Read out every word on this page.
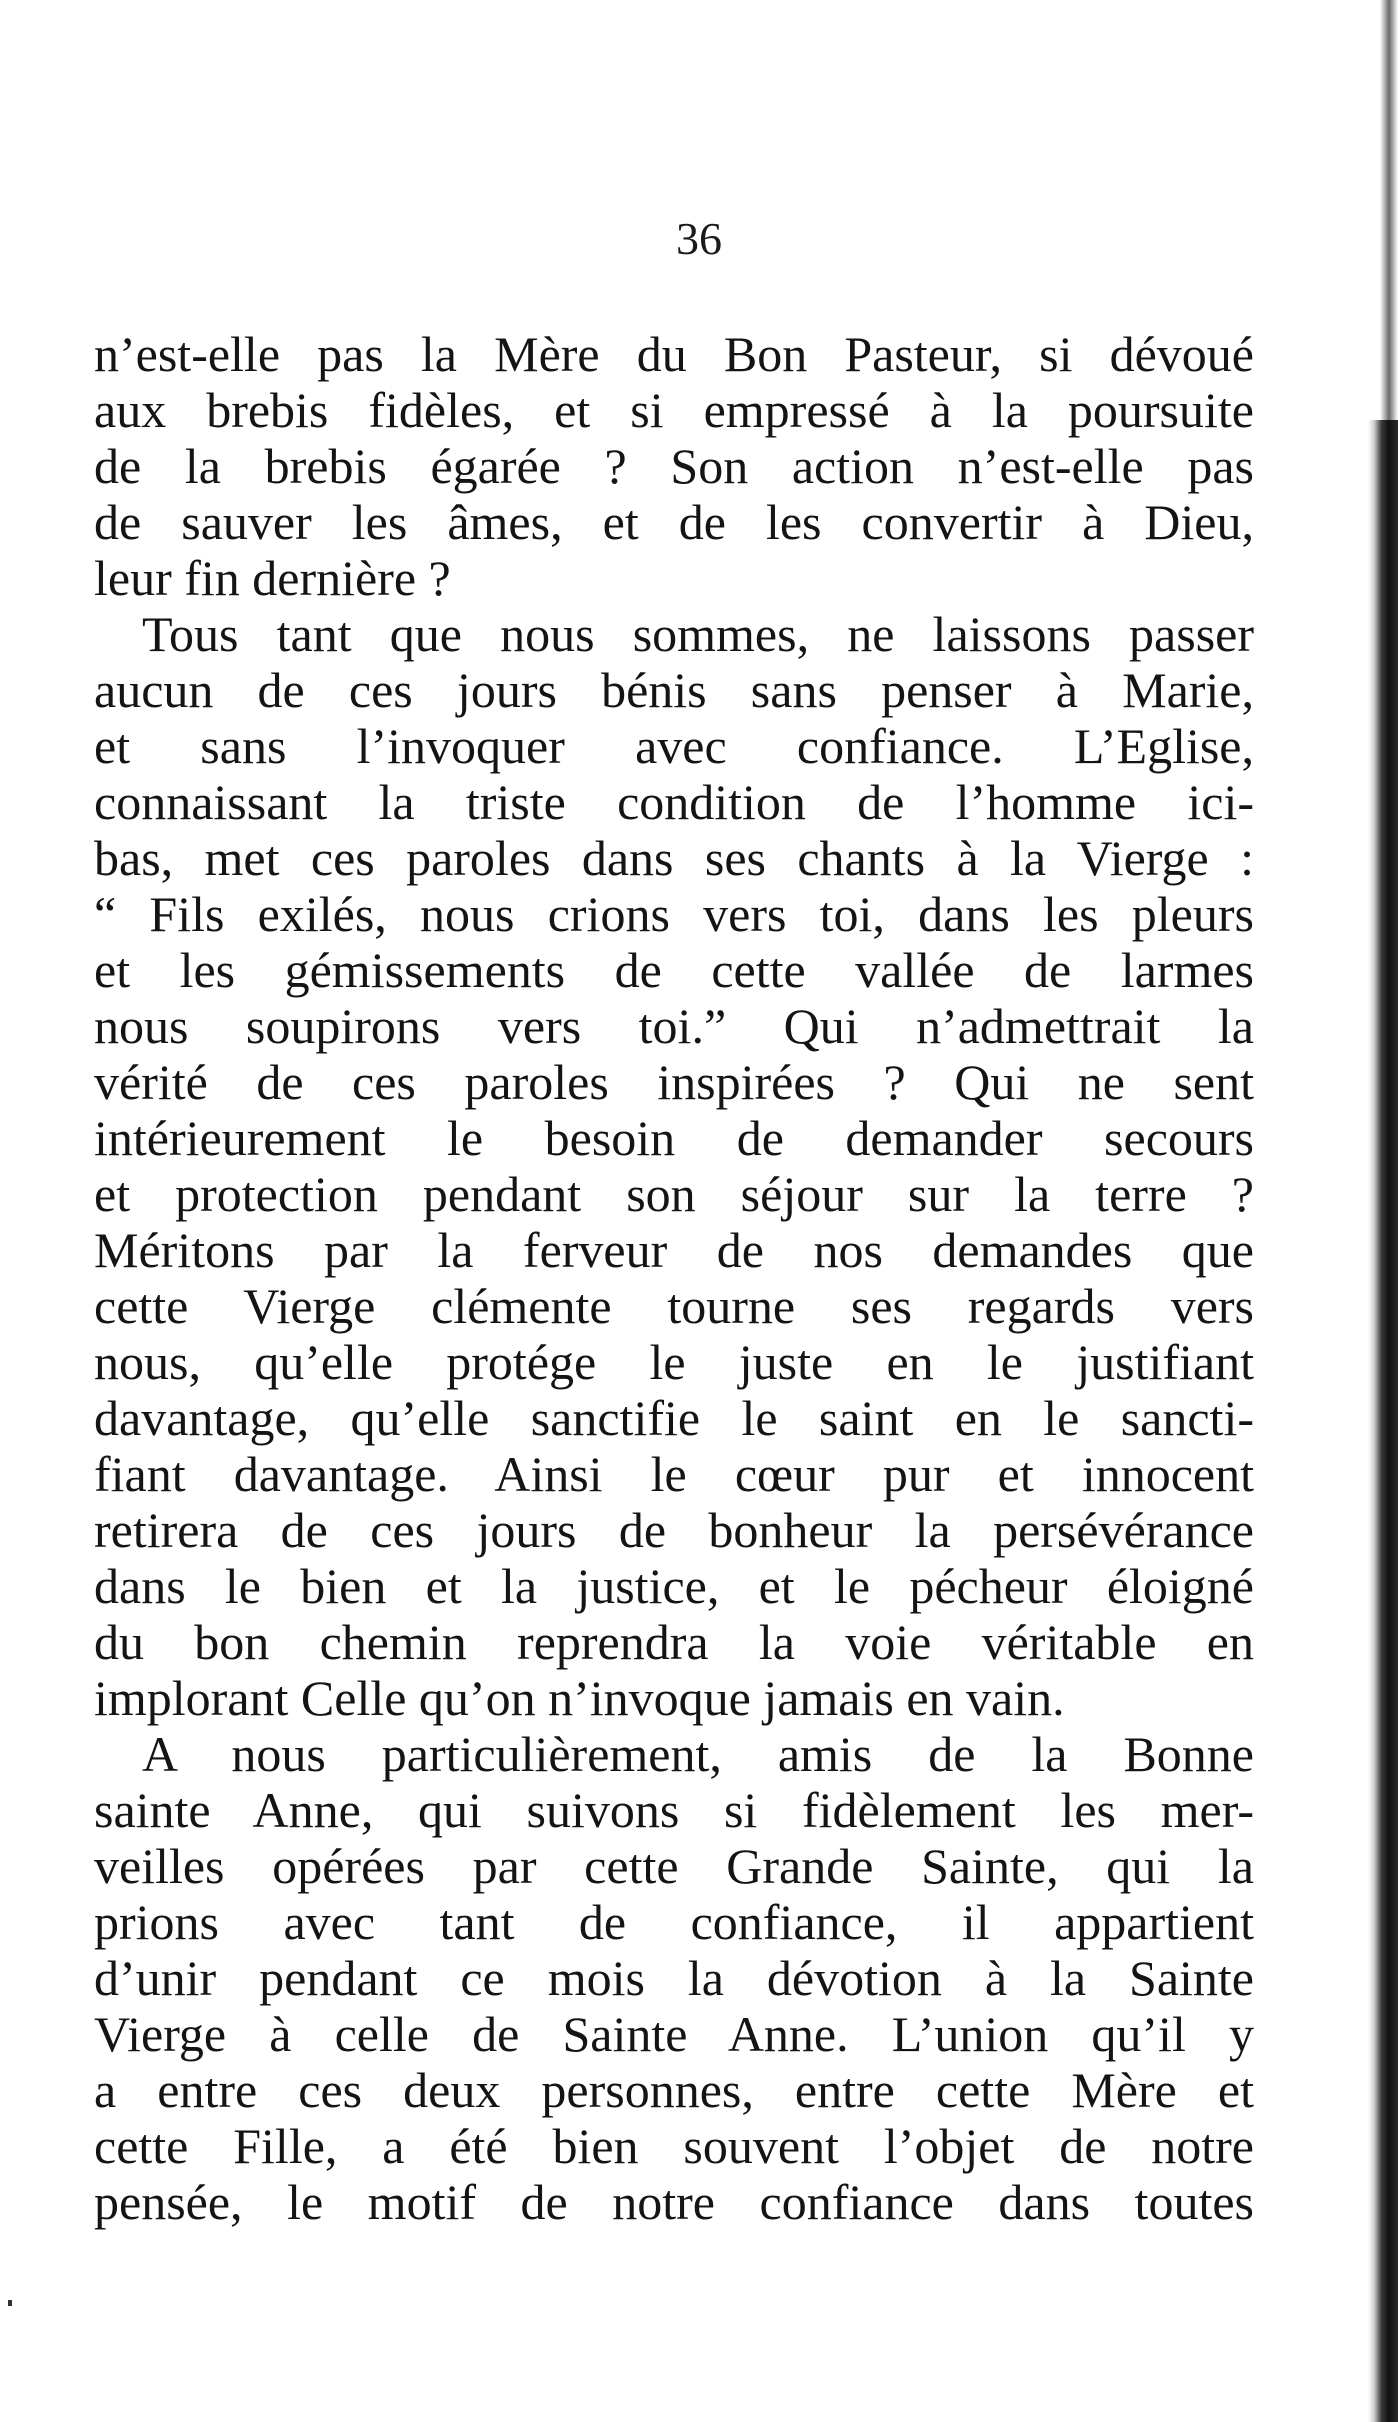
36

n’est-elle pas la Mère du Bon Pasteur, si dévoué
aux brebis fidèles, et si empressé à la poursuite
de la brebis égarée ? Son action n’est-elle pas
de sauver les âmes, et de les convertir à Dieu,
leur fin dernière ?
Tous tant que nous sommes, ne laissons passer
aucun de ces jours bénis sans penser à Marie,
et sans l’invoquer avec confiance. L’Eglise,
connaissant la triste condition de l’homme ici-
bas, met ces paroles dans ses chants à la Vierge :
“ Fils exilés, nous crions vers toi, dans les pleurs
et les gémissements de cette vallée de larmes
nous soupirons vers toi.” Qui n’admettrait la
vérité de ces paroles inspirées ? Qui ne sent
intérieurement le besoin de demander secours
et protection pendant son séjour sur la terre ?
Méritons par la ferveur de nos demandes que
cette Vierge clémente tourne ses regards vers
nous, qu’elle protége le juste en le justifiant
davantage, qu’elle sanctifie le saint en le sancti-
fiant davantage. Ainsi le cœur pur et innocent
retirera de ces jours de bonheur la persévérance
dans le bien et la justice, et le pécheur éloigné
du bon chemin reprendra la voie véritable en
implorant Celle qu’on n’invoque jamais en vain.
A nous particulièrement, amis de la Bonne
sainte Anne, qui suivons si fidèlement les mer-
veilles opérées par cette Grande Sainte, qui la
prions avec tant de confiance, il appartient
d’unir pendant ce mois la dévotion à la Sainte
Vierge à celle de Sainte Anne. L’union qu’il y
a entre ces deux personnes, entre cette Mère et
cette Fille, a été bien souvent l’objet de notre
pensée, le motif de notre confiance dans toutes
